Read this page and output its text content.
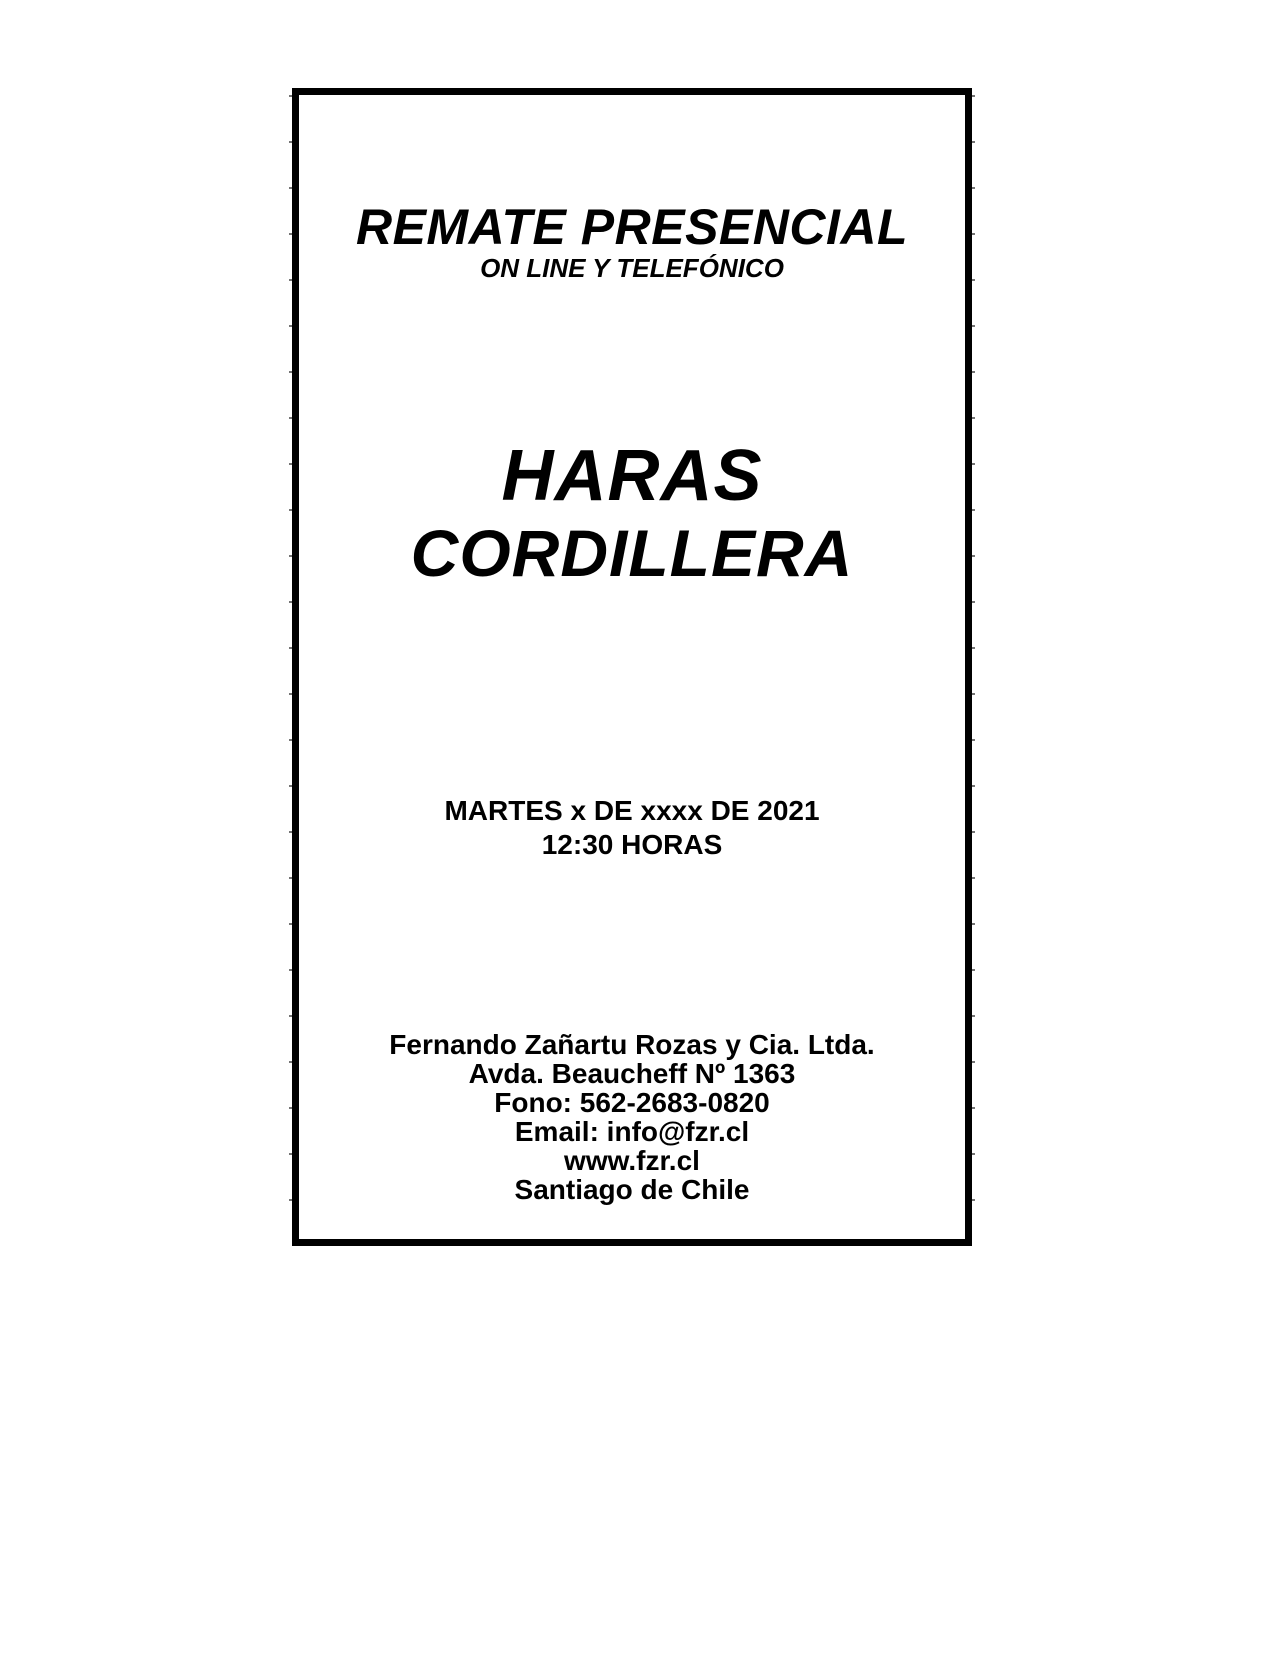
REMATE PRESENCIAL
ON LINE Y TELEFÓNICO
HARAS
CORDILLERA
MARTES x DE xxxx DE 2021
12:30 HORAS
Fernando Zañartu Rozas y Cia. Ltda.
Avda. Beaucheff Nº 1363
Fono: 562-2683-0820
Email: info@fzr.cl
www.fzr.cl
Santiago de Chile
